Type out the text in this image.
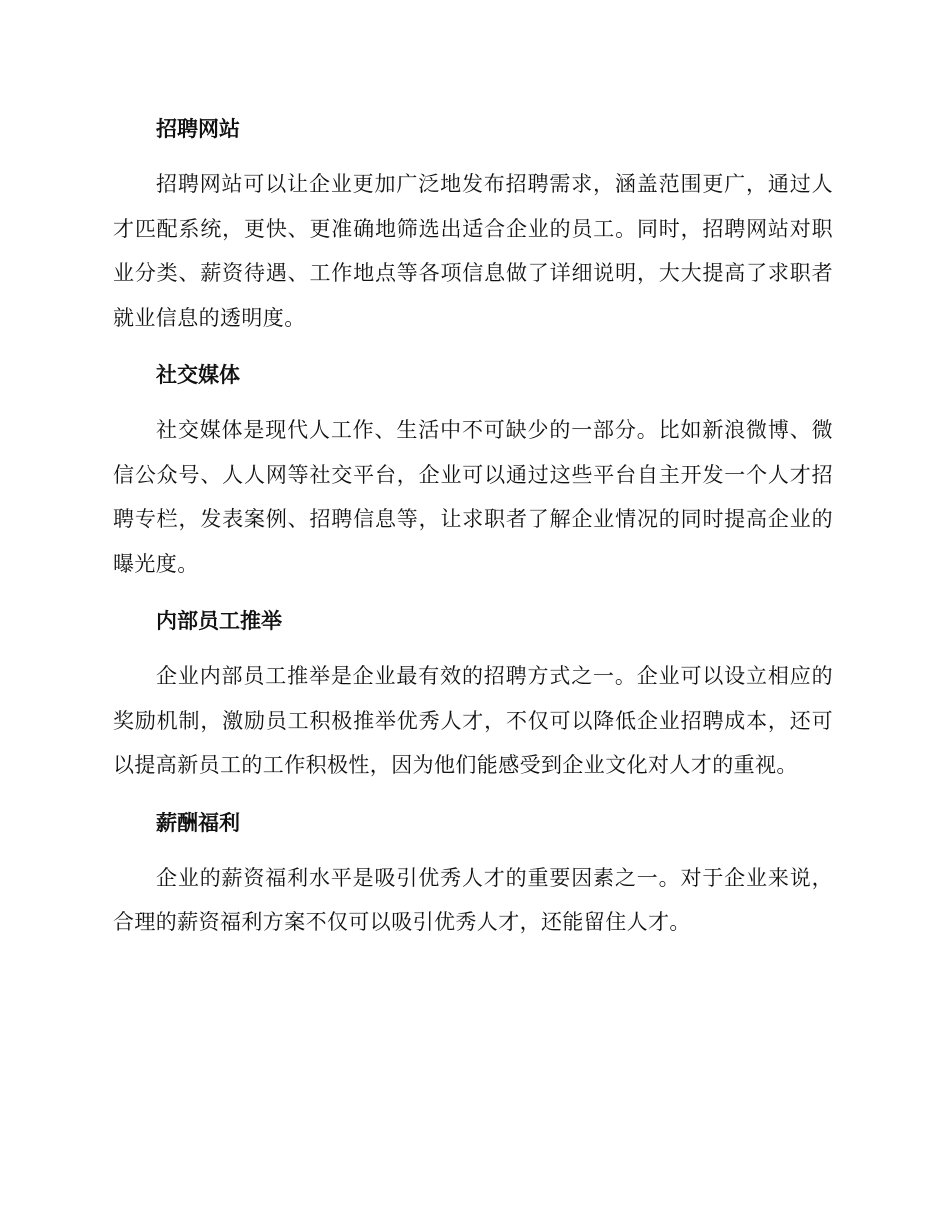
招聘网站

招聘网站可以让企业更加广泛地发布招聘需求，涵盖范围更广，通过人才匹配系统，更快、更准确地筛选出适合企业的员工。同时，招聘网站对职业分类、薪资待遇、工作地点等各项信息做了详细说明，大大提高了求职者就业信息的透明度。

社交媒体

社交媒体是现代人工作、生活中不可缺少的一部分。比如新浪微博、微信公众号、人人网等社交平台，企业可以通过这些平台自主开发一个人才招聘专栏，发表案例、招聘信息等，让求职者了解企业情况的同时提高企业的曝光度。

内部员工推举

企业内部员工推举是企业最有效的招聘方式之一。企业可以设立相应的奖励机制，激励员工积极推举优秀人才，不仅可以降低企业招聘成本，还可以提高新员工的工作积极性，因为他们能感受到企业文化对人才的重视。

薪酬福利

企业的薪资福利水平是吸引优秀人才的重要因素之一。对于企业来说，合理的薪资福利方案不仅可以吸引优秀人才，还能留住人才。
